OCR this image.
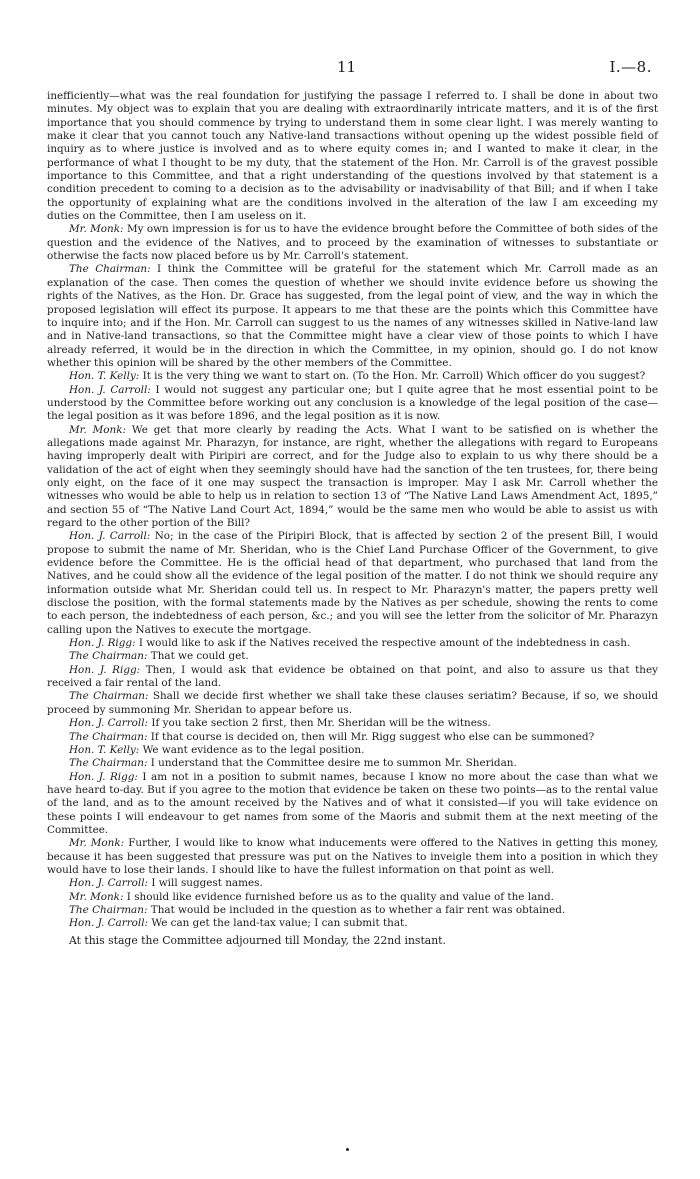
11	I.—8.

inefficiently—what was the real foundation for justifying the passage I referred to. I shall be done in about two minutes. My object was to explain that you are dealing with extraordinarily intricate matters, and it is of the first importance that you should commence by trying to understand them in some clear light. I was merely wanting to make it clear that you cannot touch any Native-land transactions without opening up the widest possible field of inquiry as to where justice is involved and as to where equity comes in; and I wanted to make it clear, in the performance of what I thought to be my duty, that the statement of the Hon. Mr. Carroll is of the gravest possible importance to this Committee, and that a right understanding of the questions involved by that statement is a condition precedent to coming to a decision as to the advisability or inadvisability of that Bill; and if when I take the opportunity of explaining what are the conditions involved in the alteration of the law I am exceeding my duties on the Committee, then I am useless on it.

Mr. Monk: My own impression is for us to have the evidence brought before the Committee of both sides of the question and the evidence of the Natives, and to proceed by the examination of witnesses to substantiate or otherwise the facts now placed before us by Mr. Carroll's statement.

The Chairman: I think the Committee will be grateful for the statement which Mr. Carroll made as an explanation of the case. Then comes the question of whether we should invite evidence before us showing the rights of the Natives, as the Hon. Dr. Grace has suggested, from the legal point of view, and the way in which the proposed legislation will effect its purpose. It appears to me that these are the points which this Committee have to inquire into; and if the Hon. Mr. Carroll can suggest to us the names of any witnesses skilled in Native-land law and in Native-land transactions, so that the Committee might have a clear view of those points to which I have already referred, it would be in the direction in which the Committee, in my opinion, should go. I do not know whether this opinion will be shared by the other members of the Committee.

Hon. T. Kelly: It is the very thing we want to start on. (To the Hon. Mr. Carroll) Which officer do you suggest?

Hon. J. Carroll: I would not suggest any particular one; but I quite agree that he most essential point to be understood by the Committee before working out any conclusion is a knowledge of the legal position of the case—the legal position as it was before 1896, and the legal position as it is now.

Mr. Monk: We get that more clearly by reading the Acts. What I want to be satisfied on is whether the allegations made against Mr. Pharazyn, for instance, are right, whether the allegations with regard to Europeans having improperly dealt with Piripiri are correct, and for the Judge also to explain to us why there should be a validation of the act of eight when they seemingly should have had the sanction of the ten trustees, for, there being only eight, on the face of it one may suspect the transaction is improper. May I ask Mr. Carroll whether the witnesses who would be able to help us in relation to section 13 of “The Native Land Laws Amendment Act, 1895,” and section 55 of “The Native Land Court Act, 1894,” would be the same men who would be able to assist us with regard to the other portion of the Bill?

Hon. J. Carroll: No; in the case of the Piripiri Block, that is affected by section 2 of the present Bill, I would propose to submit the name of Mr. Sheridan, who is the Chief Land Purchase Officer of the Government, to give evidence before the Committee. He is the official head of that department, who purchased that land from the Natives, and he could show all the evidence of the legal position of the matter. I do not think we should require any information outside what Mr. Sheridan could tell us. In respect to Mr. Pharazyn's matter, the papers pretty well disclose the position, with the formal statements made by the Natives as per schedule, showing the rents to come to each person, the indebtedness of each person, &c.; and you will see the letter from the solicitor of Mr. Pharazyn calling upon the Natives to execute the mortgage.

Hon. J. Rigg: I would like to ask if the Natives received the respective amount of the indebtedness in cash.

The Chairman: That we could get.

Hon. J. Rigg: Then, I would ask that evidence be obtained on that point, and also to assure us that they received a fair rental of the land.

The Chairman: Shall we decide first whether we shall take these clauses seriatim? Because, if so, we should proceed by summoning Mr. Sheridan to appear before us.

Hon. J. Carroll: If you take section 2 first, then Mr. Sheridan will be the witness.

The Chairman: If that course is decided on, then will Mr. Rigg suggest who else can be summoned?

Hon. T. Kelly: We want evidence as to the legal position.

The Chairman: I understand that the Committee desire me to summon Mr. Sheridan.

Hon. J. Rigg: I am not in a position to submit names, because I know no more about the case than what we have heard to-day. But if you agree to the motion that evidence be taken on these two points—as to the rental value of the land, and as to the amount received by the Natives and of what it consisted—if you will take evidence on these points I will endeavour to get names from some of the Maoris and submit them at the next meeting of the Committee.

Mr. Monk: Further, I would like to know what inducements were offered to the Natives in getting this money, because it has been suggested that pressure was put on the Natives to inveigle them into a position in which they would have to lose their lands. I should like to have the fullest information on that point as well.

Hon. J. Carroll: I will suggest names.

Mr. Monk: I should like evidence furnished before us as to the quality and value of the land.

The Chairman: That would be included in the question as to whether a fair rent was obtained.

Hon. J. Carroll: We can get the land-tax value; I can submit that.

At this stage the Committee adjourned till Monday, the 22nd instant.
